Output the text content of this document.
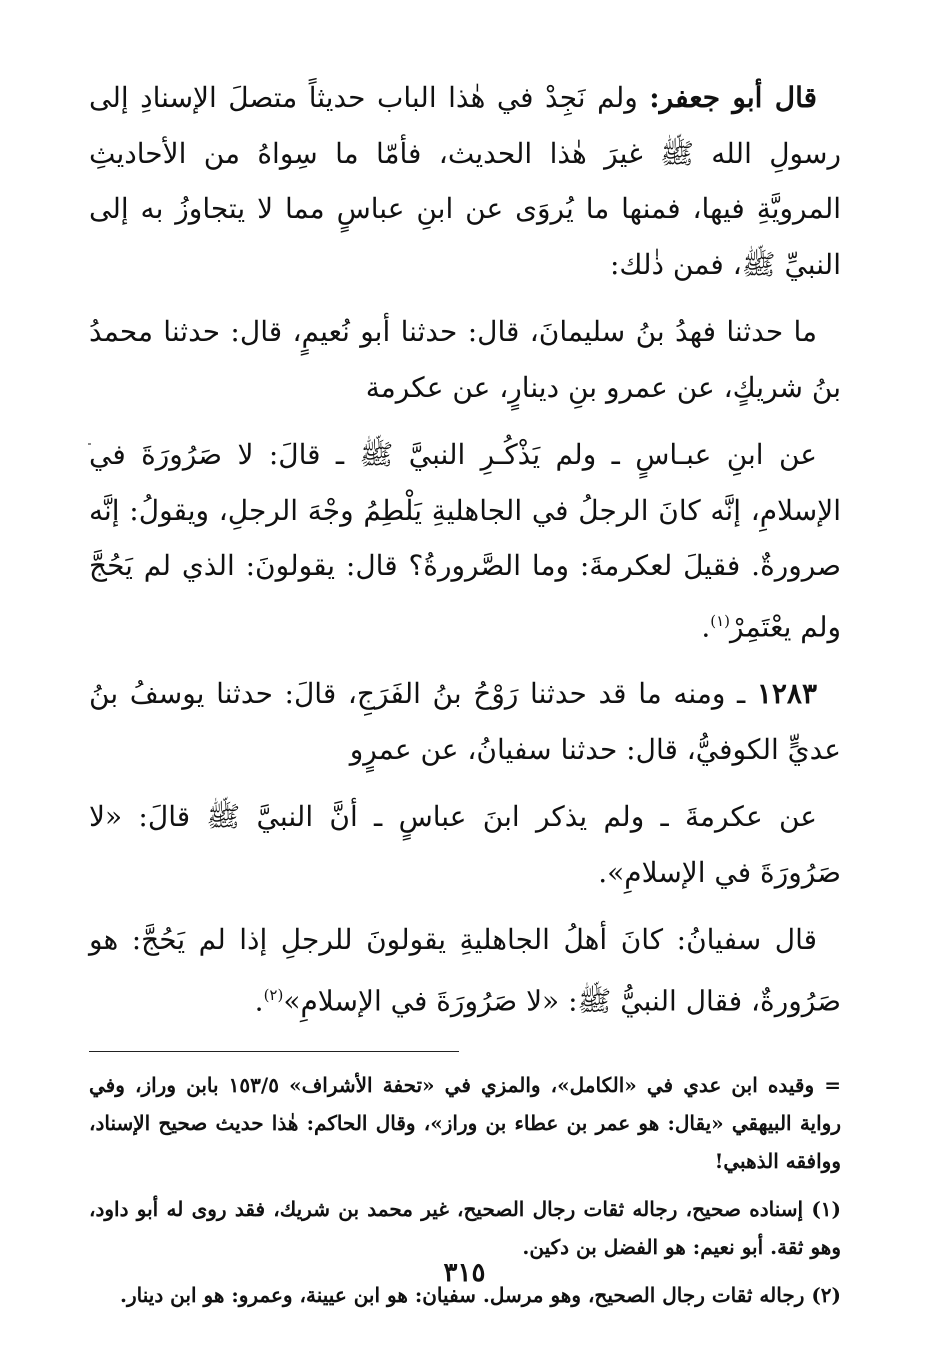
قال أبو جعفر: ولم نَجِدْ في هٰذا الباب حديثاً متصلَ الإسنادِ إلى رسولِ الله ﷺ غيرَ هٰذا الحديث، فأمّا ما سِواهُ من الأحاديثِ المرويَّةِ فيها، فمنها ما يُروَى عن ابنِ عباسٍ مما لا يتجاوزُ به إلى النبيِّ ﷺ، فمن ذٰلك:

ما حدثنا فهدُ بنُ سليمانَ، قال: حدثنا أبو نُعيمٍ، قال: حدثنا محمدُ بنُ شريكٍ، عن عمرو بنِ دينارٍ، عن عكرمة

عن ابنِ عبـاسٍ ـ ولم يَذْكُـرِ النبيَّ ﷺ ـ قالَ: لا صَرُورَةَ في الإسلامِ، إنَّه كانَ الرجلُ في الجاهليةِ يَلْطِمُ وجْهَ الرجلِ، ويقولُ: إنَّه صرورةٌ. فقيلَ لعكرمةَ: وما الصَّرورةُ؟ قال: يقولونَ: الذي لم يَحُجَّ ولم يعْتَمِرْ$^{(١)}$.

١٢٨٣ ـ ومنه ما قد حدثنا رَوْحُ بنُ الفَرَجِ، قالَ: حدثنا يوسفُ بنُ عديٍّ الكوفيُّ، قال: حدثنا سفيانُ، عن عمرٍو

عن عكرمةَ ـ ولم يذكر ابنَ عباسٍ ـ أنَّ النبيَّ ﷺ قالَ: «لا صَرُورَةَ في الإسلامِ».

قال سفيانُ: كانَ أهلُ الجاهليةِ يقولونَ للرجلِ إذا لم يَحُجَّ: هو صَرُورةٌ، فقال النبيُّ ﷺ: «لا صَرُورَةَ في الإسلامِ»$^{(٢)}$.

= وقيده ابن عدي في «الكامل»، والمزي في «تحفة الأشراف» ١٥٣/٥ بابن وراز، وفي رواية البيهقي «يقال: هو عمر بن عطاء بن وراز»، وقال الحاكم: هٰذا حديث صحيح الإسناد، ووافقه الذهبي!

(١) إسناده صحيح، رجاله ثقات رجال الصحيح، غير محمد بن شريك، فقد روى له أبو داود، وهو ثقة. أبو نعيم: هو الفضل بن دكين.

(٢) رجاله ثقات رجال الصحيح، وهو مرسل. سفيان: هو ابن عيينة، وعمرو: هو ابن دينار.

٣١٥
